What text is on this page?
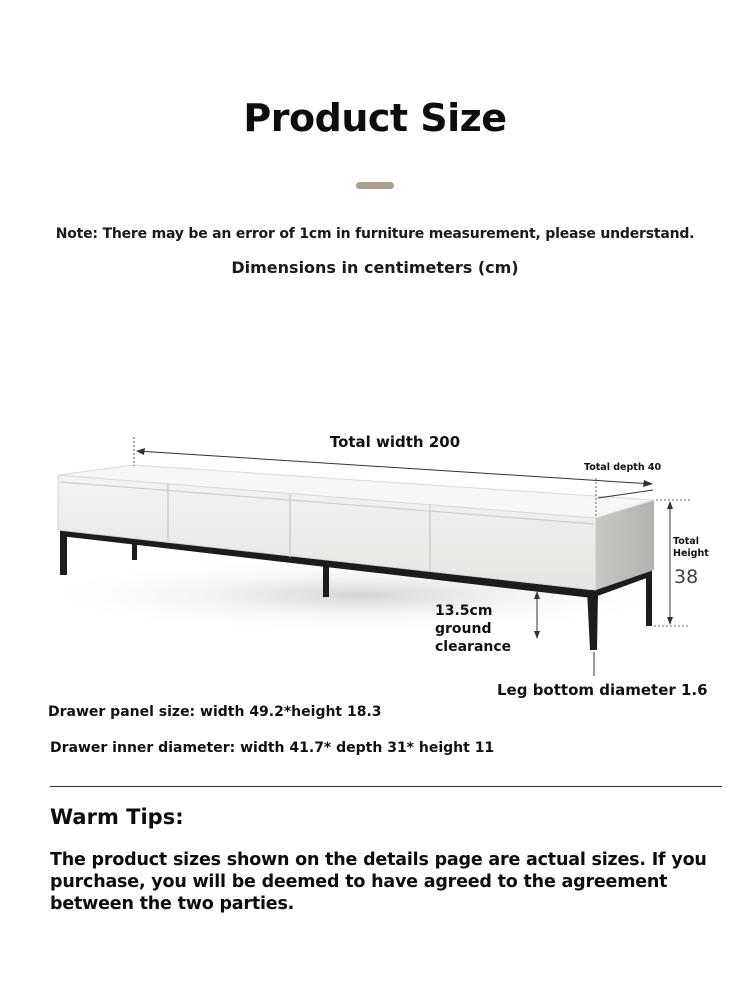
Product Size
Note: There may be an error of 1cm in furniture measurement, please understand.
Dimensions in centimeters (cm)
Total width 200
Total depth 40
Total
Height
38
13.5cm
ground
clearance
Leg bottom diameter 1.6
Drawer panel size: width 49.2*height 18.3
Drawer inner diameter: width 41.7* depth 31* height 11
Warm Tips:
The product sizes shown on the details page are actual sizes. If you purchase, you will be deemed to have agreed to the agreement between the two parties.
